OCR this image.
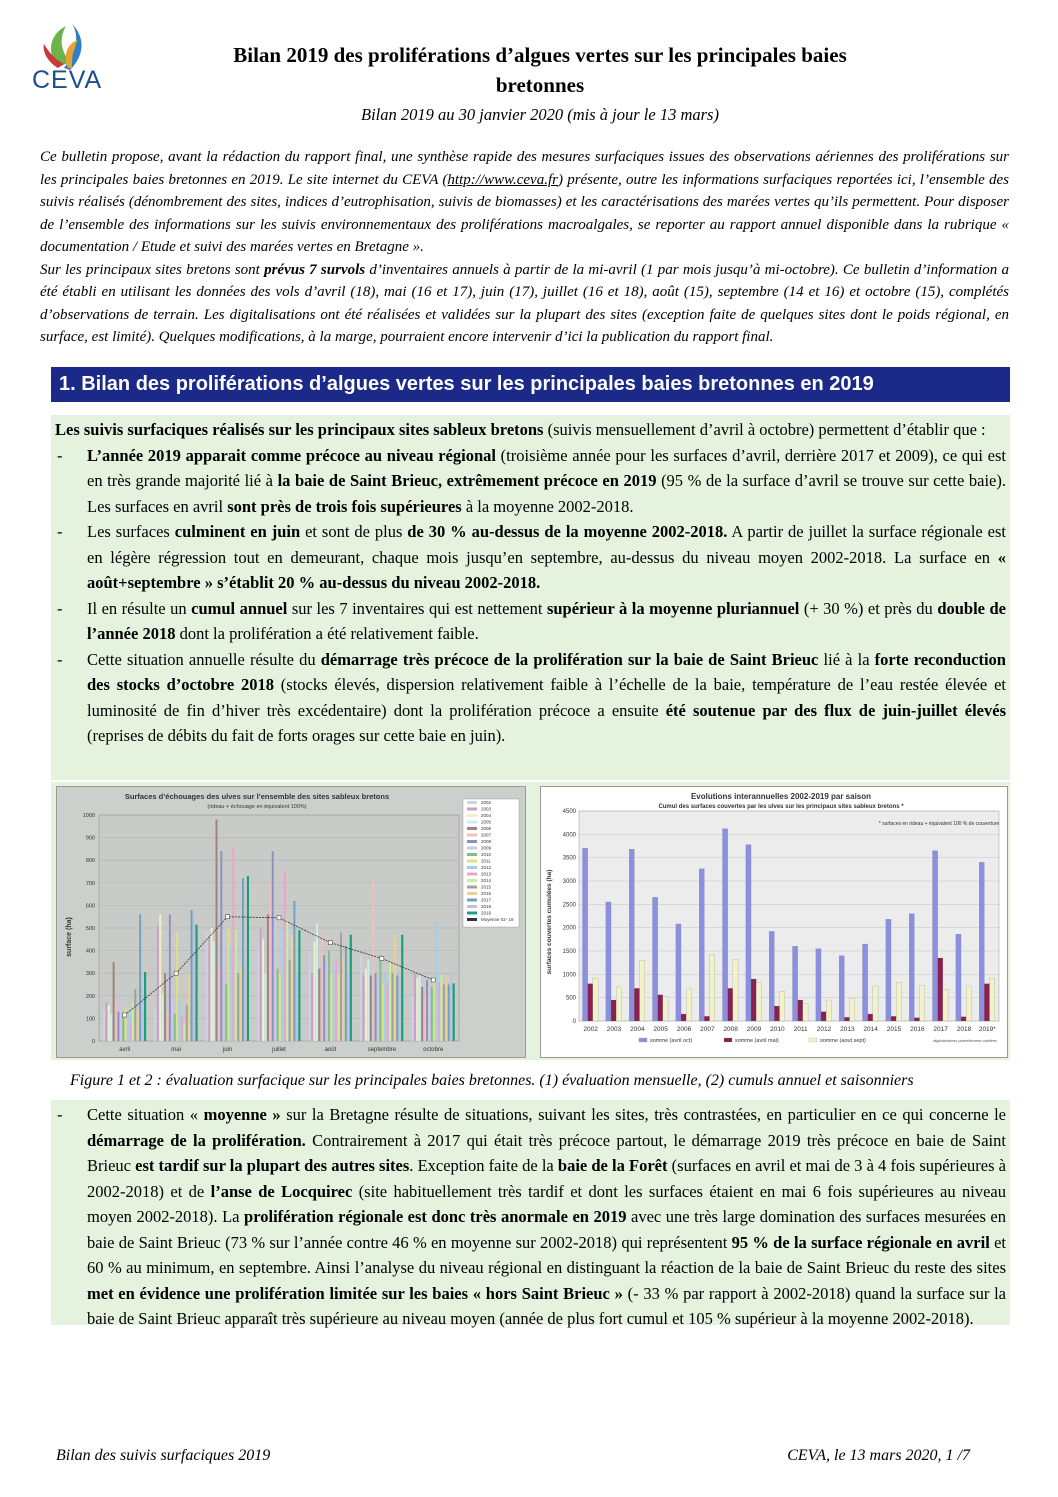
CEVA
Bilan 2019 des proliférations d’algues vertes sur les principales baies
bretonnes
Bilan 2019 au 30 janvier 2020 (mis à jour le 13 mars)

Ce bulletin propose, avant la rédaction du rapport final, une synthèse rapide des mesures surfaciques issues des observations aériennes des proliférations sur les principales baies bretonnes en 2019. Le site internet du CEVA (http://www.ceva.fr) présente, outre les informations surfaciques reportées ici, l’ensemble des suivis réalisés (dénombrement des sites, indices d’eutrophisation, suivis de biomasses) et les caractérisations des marées vertes qu’ils permettent. Pour disposer de l’ensemble des informations sur les suivis environnementaux des proliférations macroalgales, se reporter au rapport annuel disponible dans la rubrique « documentation / Etude et suivi des marées vertes en Bretagne ».

Sur les principaux sites bretons sont prévus 7 survols d’inventaires annuels à partir de la mi-avril (1 par mois jusqu’à mi-octobre). Ce bulletin d’information a été établi en utilisant les données des vols d’avril (18), mai (16 et 17), juin (17), juillet (16 et 18), août (15), septembre (14 et 16) et octobre (15), complétés d’observations de terrain. Les digitalisations ont été réalisées et validées sur la plupart des sites (exception faite de quelques sites dont le poids régional, en surface, est limité). Quelques modifications, à la marge, pourraient encore intervenir d’ici la publication du rapport final.

1. Bilan des proliférations d’algues vertes sur les principales baies bretonnes en 2019

Les suivis surfaciques réalisés sur les principaux sites sableux bretons (suivis mensuellement d’avril à octobre) permettent d’établir que :

- L’année 2019 apparait comme précoce au niveau régional (troisième année pour les surfaces d’avril, derrière 2017 et 2009), ce qui est en très grande majorité lié à la baie de Saint Brieuc, extrêmement précoce en 2019 (95 % de la surface d’avril se trouve sur cette baie). Les surfaces en avril sont près de trois fois supérieures à la moyenne 2002-2018.

- Les surfaces culminent en juin et sont de plus de 30 % au-dessus de la moyenne 2002-2018. A partir de juillet la surface régionale est en légère régression tout en demeurant, chaque mois jusqu’en septembre, au-dessus du niveau moyen 2002-2018. La surface en « août+septembre » s’établit 20 % au-dessus du niveau 2002-2018.

- Il en résulte un cumul annuel sur les 7 inventaires qui est nettement supérieur à la moyenne pluriannuel (+ 30 %) et près du double de l’année 2018 dont la prolifération a été relativement faible.

- Cette situation annuelle résulte du démarrage très précoce de la prolifération sur la baie de Saint Brieuc lié à la forte reconduction des stocks d’octobre 2018 (stocks élevés, dispersion relativement faible à l’échelle de la baie, température de l’eau restée élevée et luminosité de fin d’hiver très excédentaire) dont la prolifération précoce a ensuite été soutenue par des flux de juin-juillet élevés (reprises de débits du fait de forts orages sur cette baie en juin).

Surfaces d’échouages des ulves sur l’ensemble des sites sableux bretons
(rideau + échouage en équivalent 100%)
0
100
200
300
400
500
600
700
800
900
1000
avril	mai	juin	juillet	août	septembre	octobre
2002
2003
2004
2005
2006
2007
2008
2009
2010
2011
2012
2013
2014
2015
2016
2017
2018
2019
Moyenne 02- 18
surface (ha)
Evolutions interannuelles 2002-2019 par saison
Cumul des surfaces couvertes par les ulves sur les principaux sites sableux bretons *
0
500
1000
1500
2000
2500
3000
3500
4000
4500
* surfaces en rideau + équivalent 100 % de couverture
2002 2003 2004 2005 2006 2007 2008 2009 2010 2011 2012 2013 2014 2015 2016 2017 2018 2019*
somme (avril oct)	somme (avril mai)	somme (aout sept)	digitalisations partiellement validées
surfaces couvertes cumulées (ha)
Figure 1 et 2 : évaluation surfacique sur les principales baies bretonnes. (1) évaluation mensuelle, (2) cumuls annuel et saisonniers

- Cette situation « moyenne » sur la Bretagne résulte de situations, suivant les sites, très contrastées, en particulier en ce qui concerne le démarrage de la prolifération. Contrairement à 2017 qui était très précoce partout, le démarrage 2019 très précoce en baie de Saint Brieuc est tardif sur la plupart des autres sites. Exception faite de la baie de la Forêt (surfaces en avril et mai de 3 à 4 fois supérieures à 2002-2018) et de l’anse de Locquirec (site habituellement très tardif et dont les surfaces étaient en mai 6 fois supérieures au niveau moyen 2002-2018). La prolifération régionale est donc très anormale en 2019 avec une très large domination des surfaces mesurées en baie de Saint Brieuc (73 % sur l’année contre 46 % en moyenne sur 2002-2018) qui représentent 95 % de la surface régionale en avril et 60 % au minimum, en septembre. Ainsi l’analyse du niveau régional en distinguant la réaction de la baie de Saint Brieuc du reste des sites met en évidence une prolifération limitée sur les baies « hors Saint Brieuc » (- 33 % par rapport à 2002-2018) quand la surface sur la baie de Saint Brieuc apparaît très supérieure au niveau moyen (année de plus fort cumul et 105 % supérieur à la moyenne 2002-2018).

Bilan des suivis surfaciques 2019	CEVA, le 13 mars 2020, 1 /7
